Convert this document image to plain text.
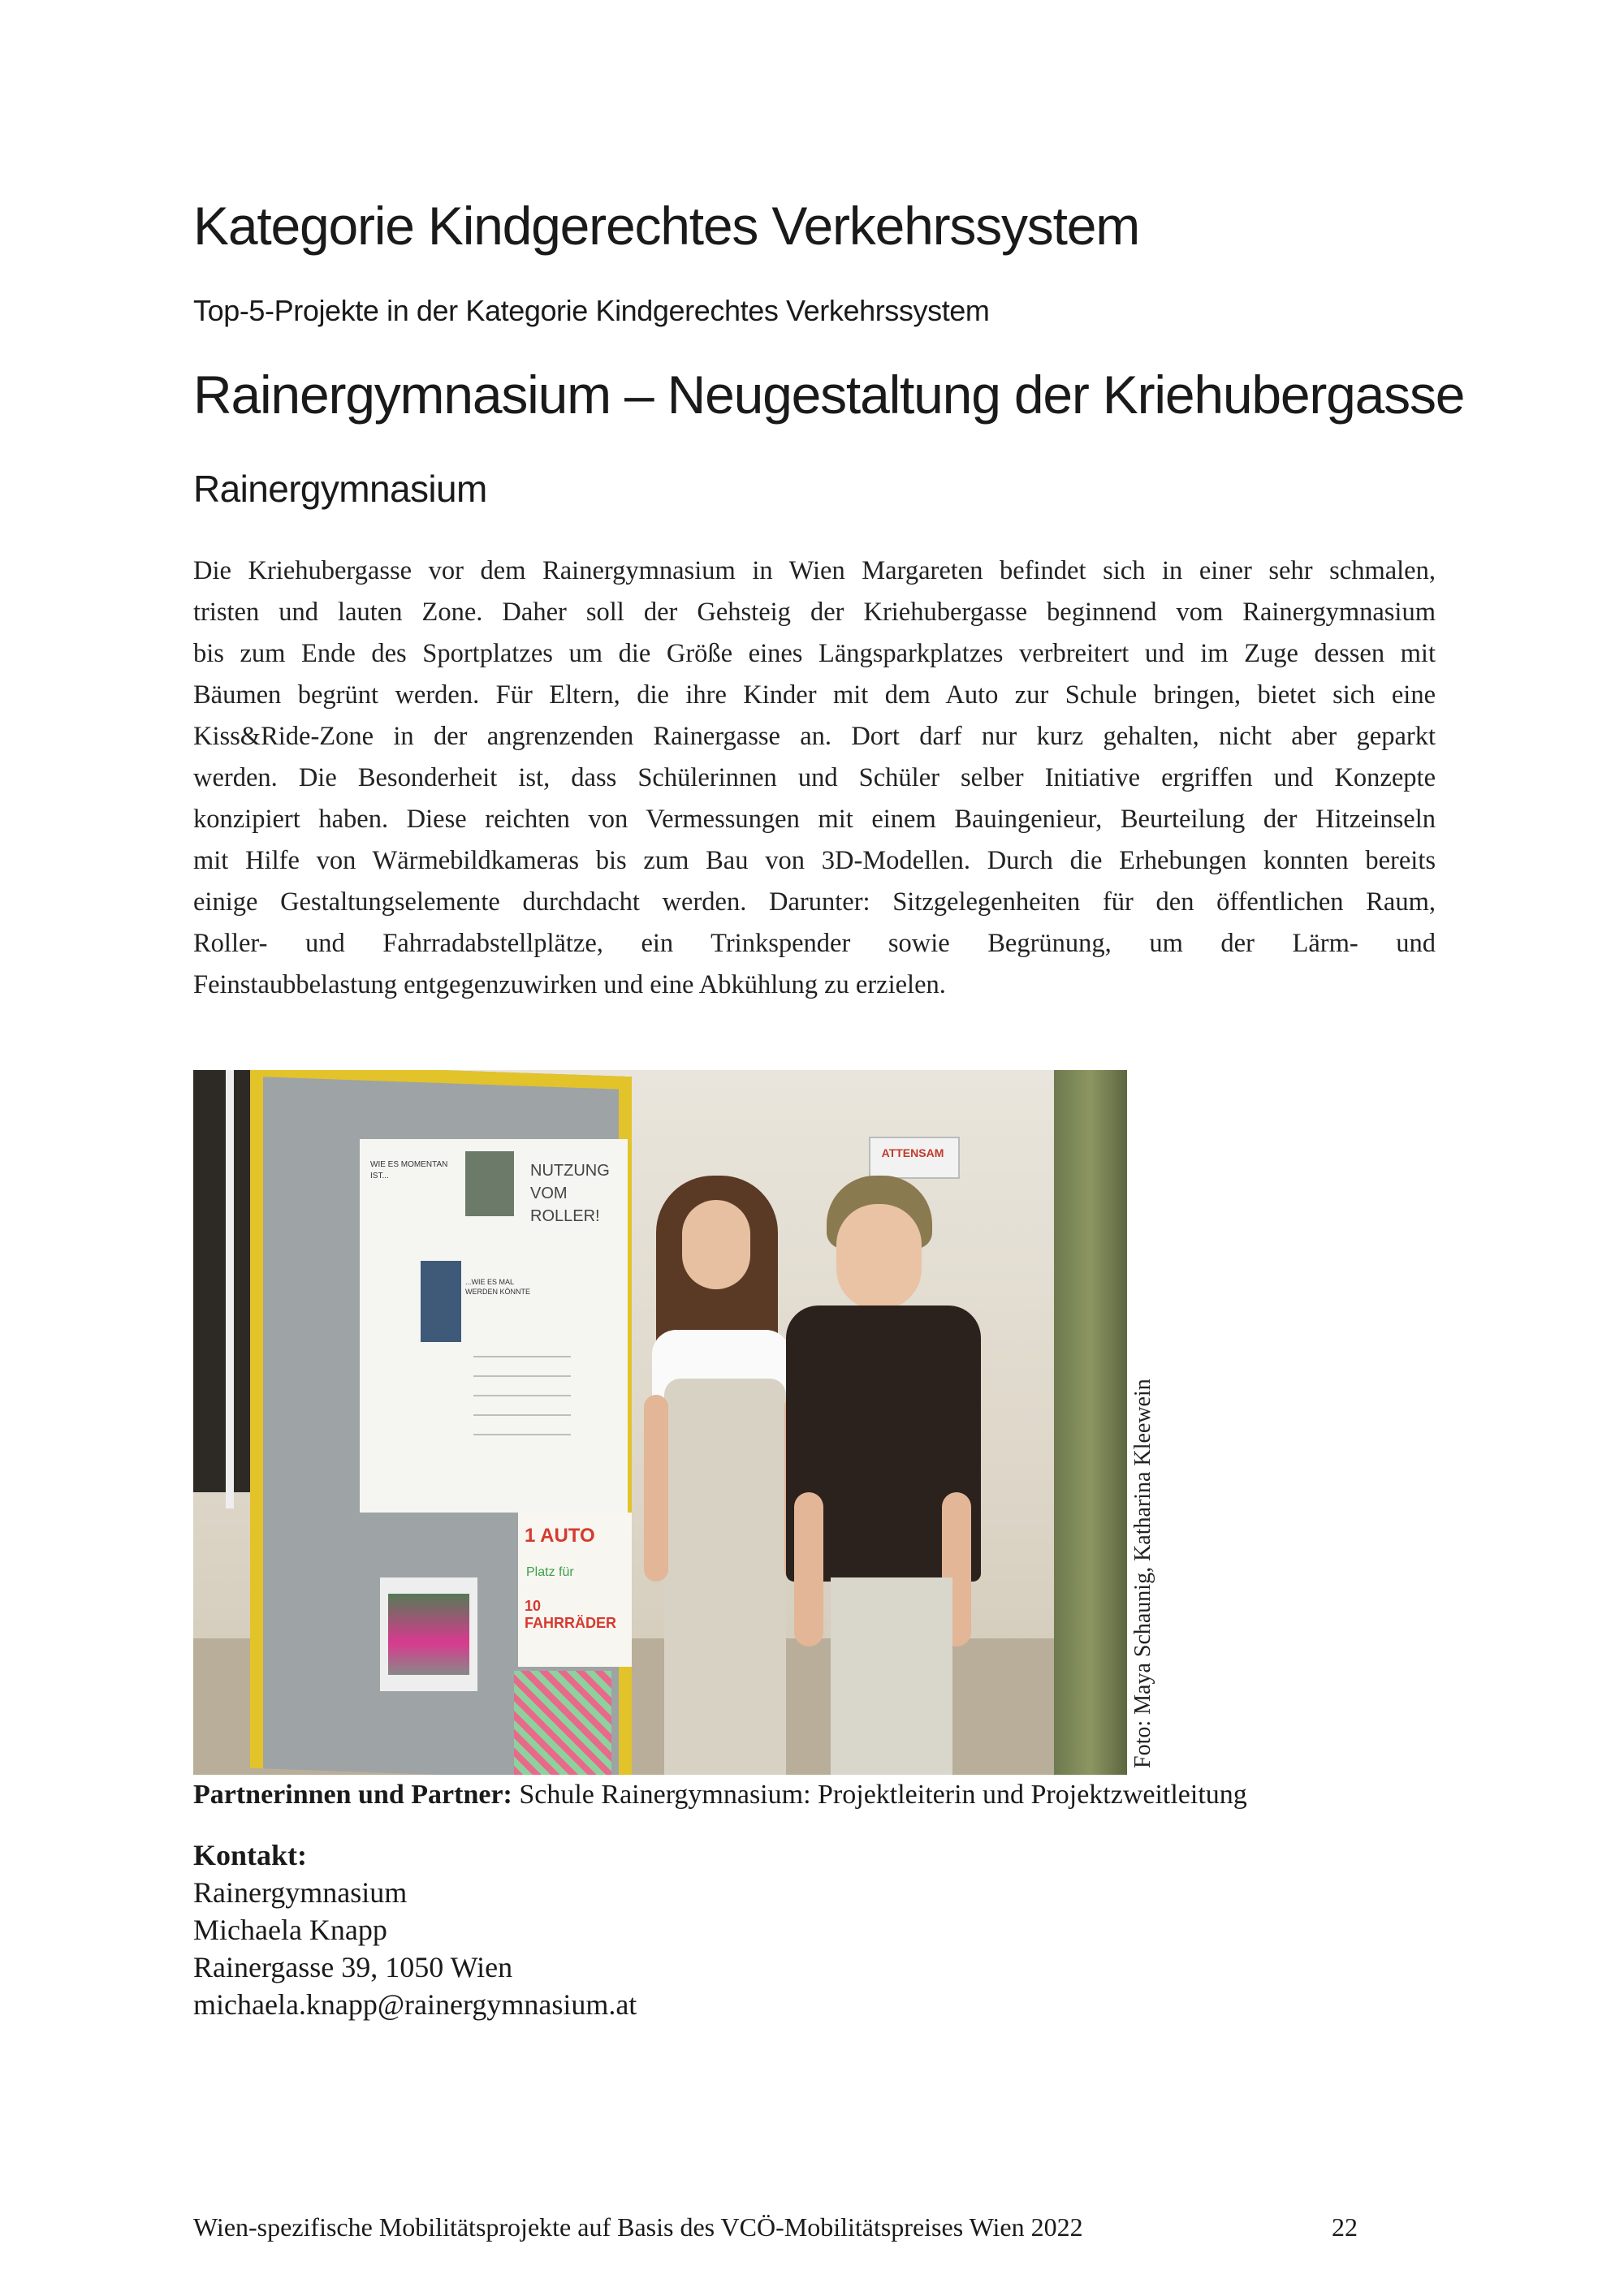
Kategorie Kindgerechtes Verkehrssystem
Top-5-Projekte in der Kategorie Kindgerechtes Verkehrssystem
Rainergymnasium – Neugestaltung der Kriehubergasse
Rainergymnasium
Die Kriehubergasse vor dem Rainergymnasium in Wien Margareten befindet sich in einer sehr schmalen,
tristen und lauten Zone. Daher soll der Gehsteig der Kriehubergasse beginnend vom Rainergymnasium
bis zum Ende des Sportplatzes um die Größe eines Längsparkplatzes verbreitert und im Zuge dessen mit
Bäumen begrünt werden. Für Eltern, die ihre Kinder mit dem Auto zur Schule bringen, bietet sich eine
Kiss&Ride-Zone in der angrenzenden Rainergasse an. Dort darf nur kurz gehalten, nicht aber geparkt
werden. Die Besonderheit ist, dass Schülerinnen und Schüler selber Initiative ergriffen und Konzepte
konzipiert haben. Diese reichten von Vermessungen mit einem Bauingenieur, Beurteilung der Hitzeinseln
mit Hilfe von Wärmebildkameras bis zum Bau von 3D-Modellen. Durch die Erhebungen konnten bereits
einige Gestaltungselemente durchdacht werden. Darunter: Sitzgelegenheiten für den öffentlichen Raum,
Roller- und Fahrradabstellplätze, ein Trinkspender sowie Begrünung, um der Lärm- und
Feinstaubbelastung entgegenzuwirken und eine Abkühlung zu erzielen.
ATTENSAM
WIE ES MOMENTAN IST...	NUTZUNG VOM ROLLER!
...WIE ES MAL WERDEN KÖNNTE
1 AUTO
Platz für
10 FAHRRÄDER	Foto: Maya Schaunig, Katharina Kleewein
Partnerinnen und Partner: Schule Rainergymnasium: Projektleiterin und Projektzweitleitung
Kontakt:
Rainergymnasium
Michaela Knapp
Rainergasse 39, 1050 Wien
michaela.knapp@rainergymnasium.at
Wien-spezifische Mobilitätsprojekte auf Basis des VCÖ-Mobilitätspreises Wien 2022	22
